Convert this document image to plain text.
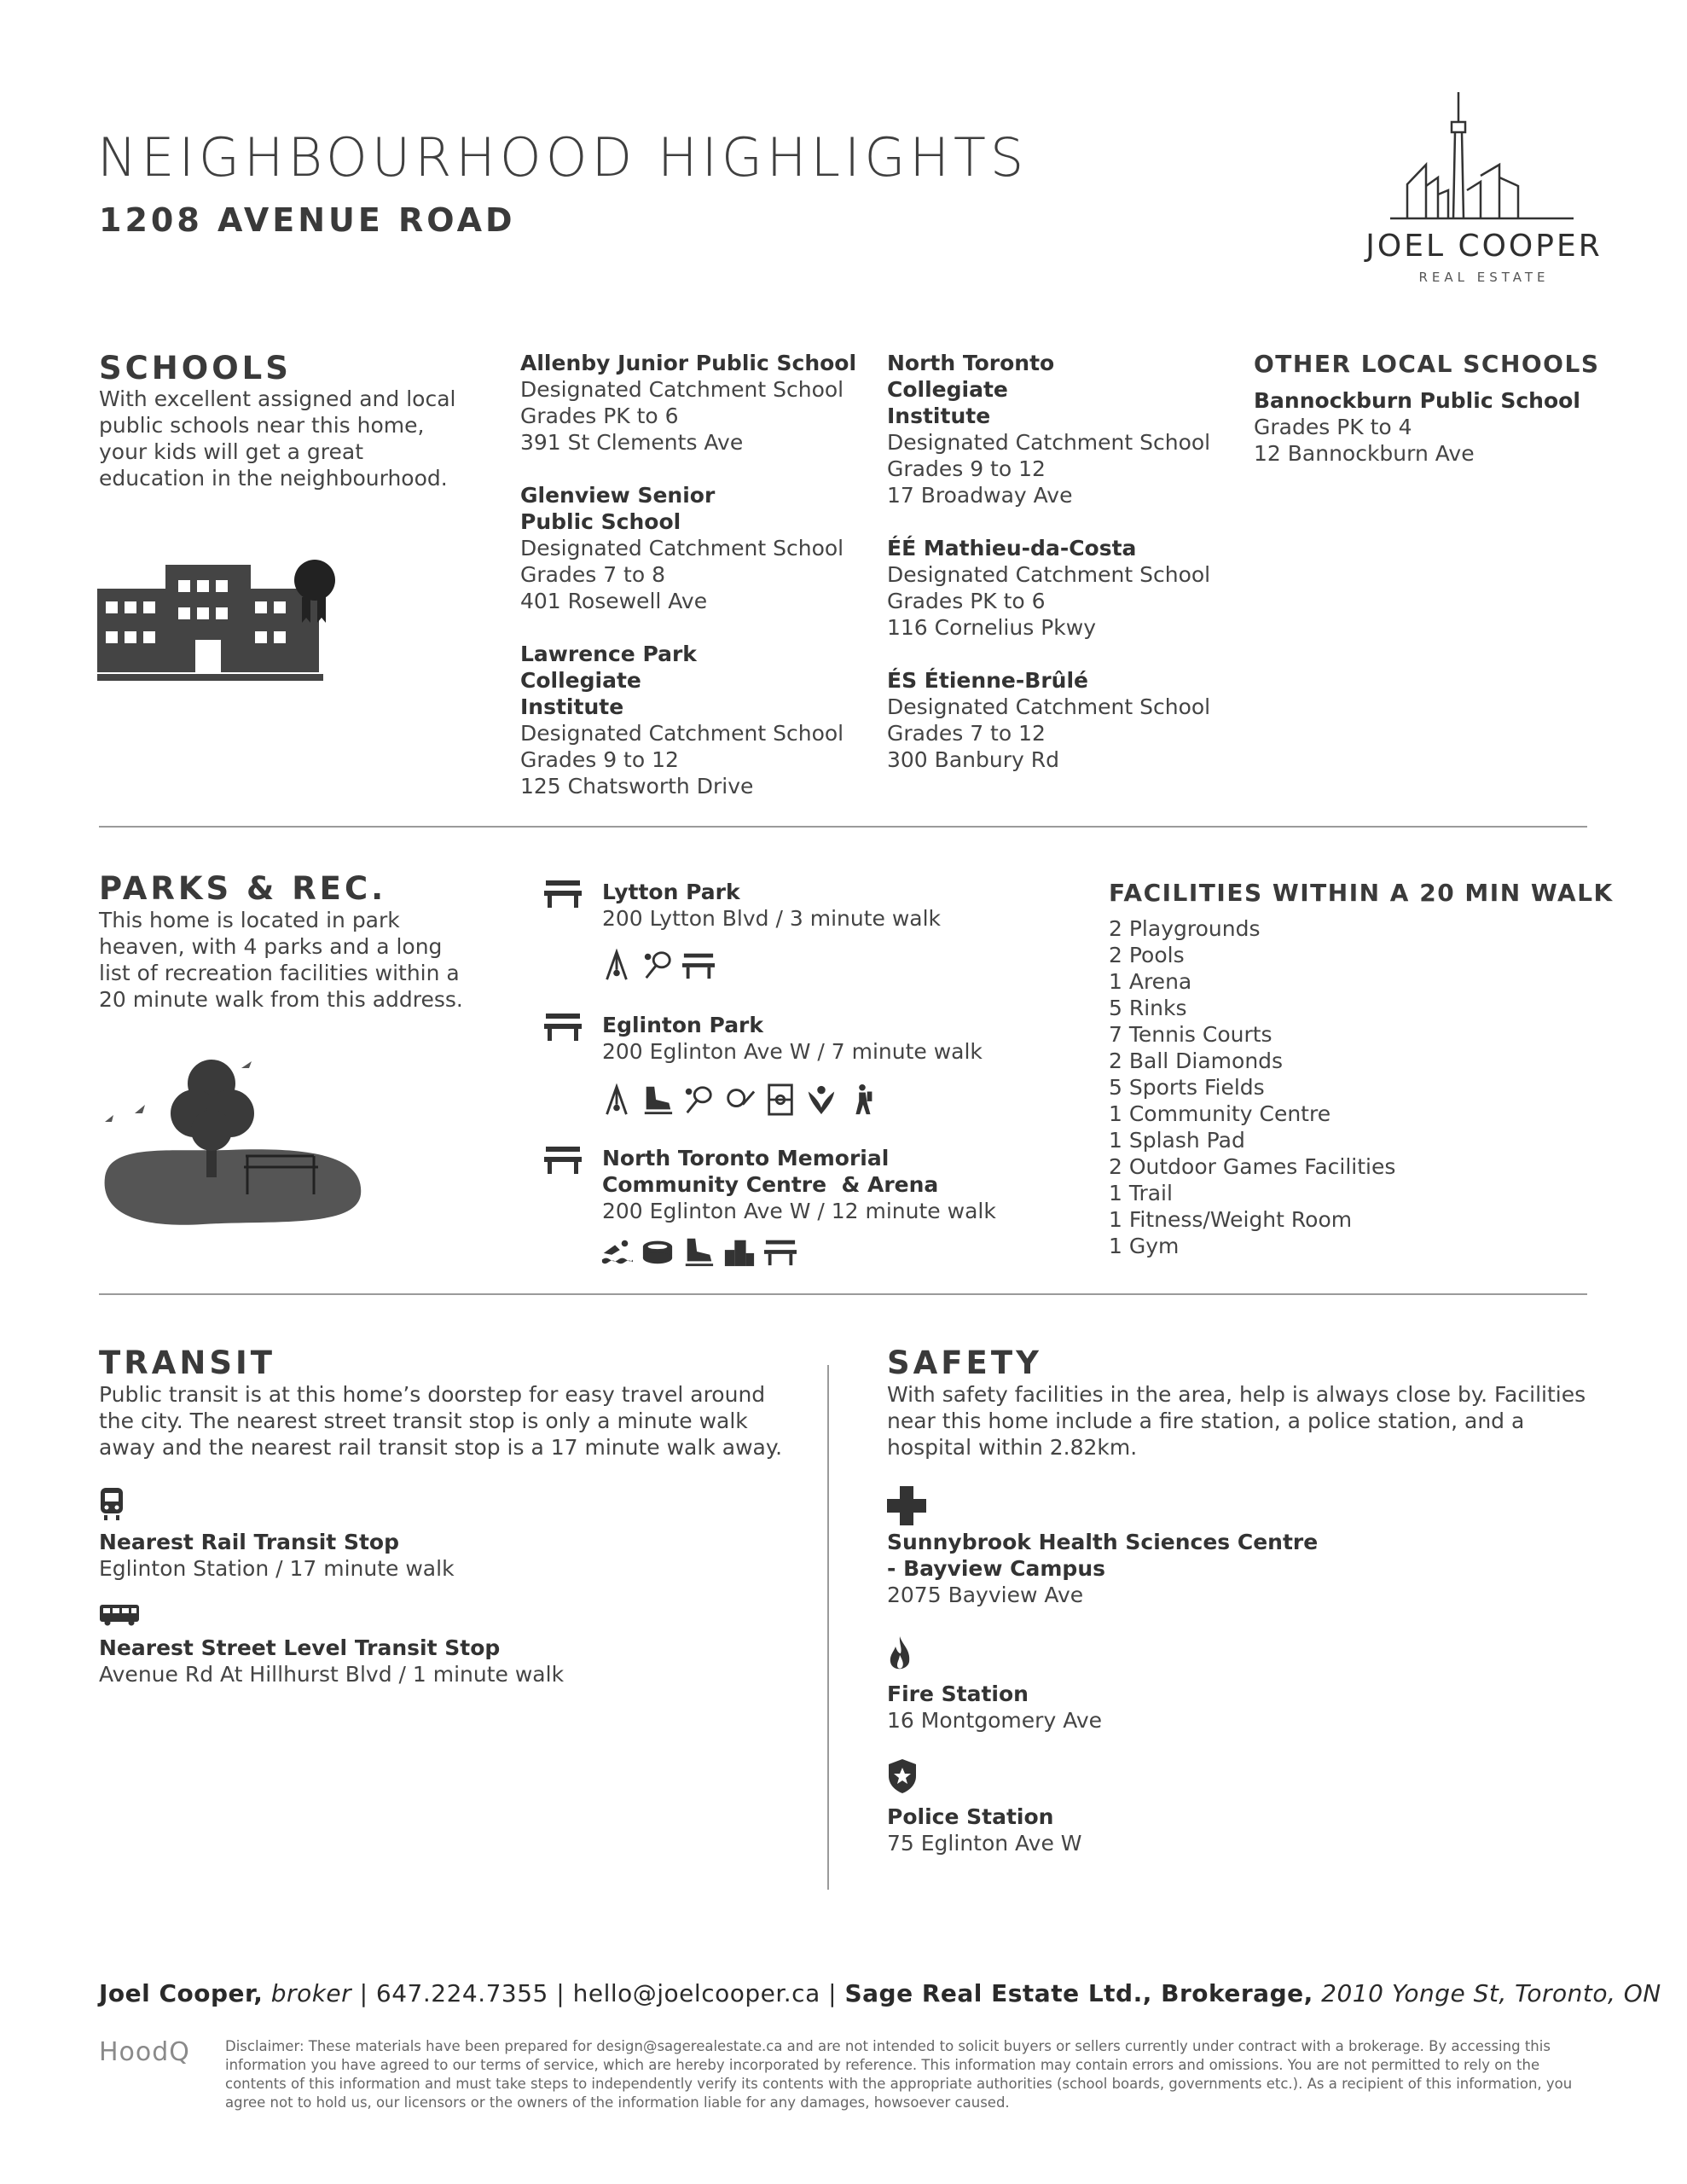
NEIGHBOURHOOD HIGHLIGHTS
1208 AVENUE ROAD
JOEL COOPER
REAL ESTATE
SCHOOLS
With excellent assigned and local public schools near this home, your kids will get a great education in the neighbourhood.
Allenby Junior Public School
Designated Catchment School
Grades PK to 6
391 St Clements Ave
Glenview Senior Public School
Designated Catchment School
Grades 7 to 8
401 Rosewell Ave
Lawrence Park Collegiate Institute
Designated Catchment School
Grades 9 to 12
125 Chatsworth Drive
North Toronto Collegiate Institute
Designated Catchment School
Grades 9 to 12
17 Broadway Ave
ÉÉ Mathieu-da-Costa
Designated Catchment School
Grades PK to 6
116 Cornelius Pkwy
ÉS Étienne-Brûlé
Designated Catchment School
Grades 7 to 12
300 Banbury Rd
OTHER LOCAL SCHOOLS
Bannockburn Public School
Grades PK to 4
12 Bannockburn Ave
PARKS & REC.
This home is located in park heaven, with 4 parks and a long list of recreation facilities within a 20 minute walk from this address.
Lytton Park
200 Lytton Blvd / 3 minute walk
Eglinton Park
200 Eglinton Ave W / 7 minute walk
North Toronto Memorial
Community Centre  & Arena
200 Eglinton Ave W / 12 minute walk
FACILITIES WITHIN A 20 MIN WALK
2 Playgrounds
2 Pools
1 Arena
5 Rinks
7 Tennis Courts
2 Ball Diamonds
5 Sports Fields
1 Community Centre
1 Splash Pad
2 Outdoor Games Facilities
1 Trail
1 Fitness/Weight Room
1 Gym
TRANSIT
Public transit is at this home’s doorstep for easy travel around the city. The nearest street transit stop is only a minute walk away and the nearest rail transit stop is a 17 minute walk away.
Nearest Rail Transit Stop
Eglinton Station / 17 minute walk
Nearest Street Level Transit Stop
Avenue Rd At Hillhurst Blvd / 1 minute walk
SAFETY
With safety facilities in the area, help is always close by. Facilities near this home include a fire station, a police station, and a hospital within 2.82km.
Sunnybrook Health Sciences Centre
- Bayview Campus
2075 Bayview Ave
Fire Station
16 Montgomery Ave
Police Station
75 Eglinton Ave W
Joel Cooper, broker | 647.224.7355 | hello@joelcooper.ca | Sage Real Estate Ltd., Brokerage, 2010 Yonge St, Toronto, ON
HoodQ Disclaimer: These materials have been prepared for design@sagerealestate.ca and are not intended to solicit buyers or sellers currently under contract with a brokerage. By accessing this information you have agreed to our terms of service, which are hereby incorporated by reference. This information may contain errors and omissions. You are not permitted to rely on the contents of this information and must take steps to independently verify its contents with the appropriate authorities (school boards, governments etc.). As a recipient of this information, you agree not to hold us, our licensors or the owners of the information liable for any damages, howsoever caused.
